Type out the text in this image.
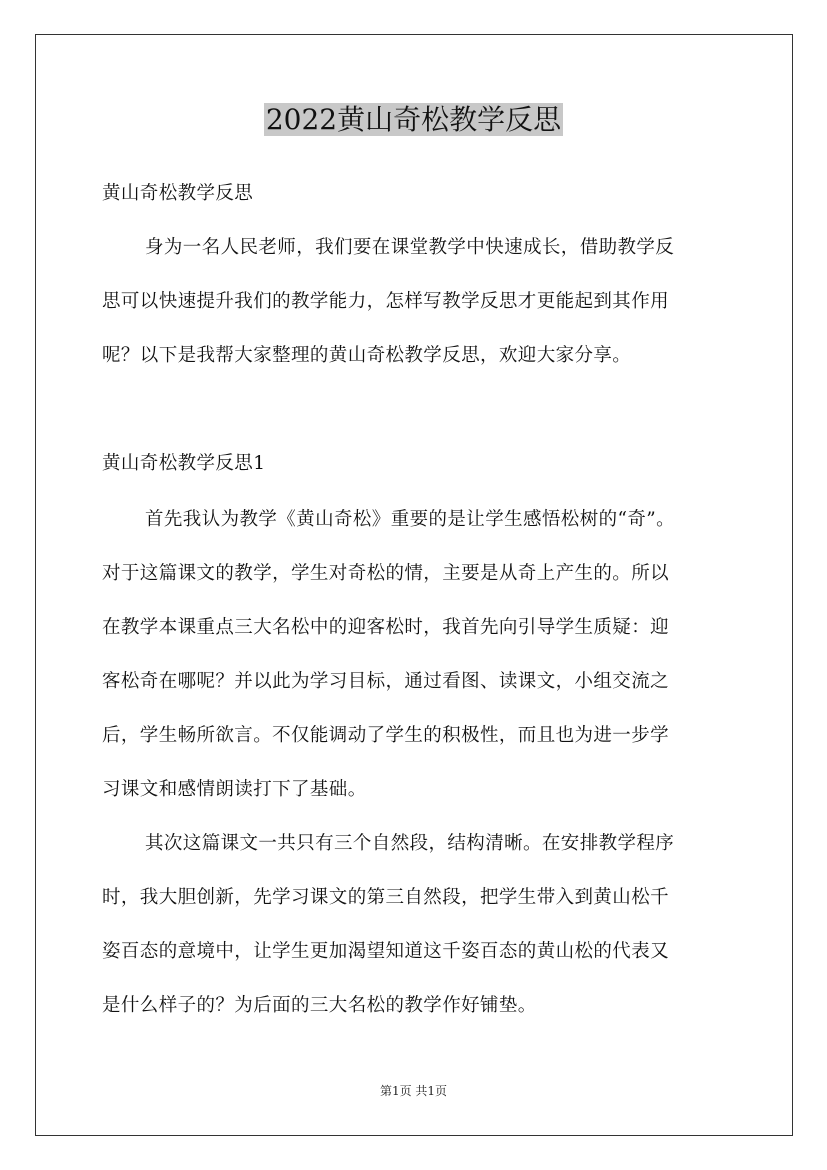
2022黄山奇松教学反思
黄山奇松教学反思
身为一名人民老师，我们要在课堂教学中快速成长，借助教学反
思可以快速提升我们的教学能力，怎样写教学反思才更能起到其作用
呢？以下是我帮大家整理的黄山奇松教学反思，欢迎大家分享。
黄山奇松教学反思1
首先我认为教学《黄山奇松》重要的是让学生感悟松树的“奇”。
对于这篇课文的教学，学生对奇松的情，主要是从奇上产生的。所以
在教学本课重点三大名松中的迎客松时，我首先向引导学生质疑：迎
客松奇在哪呢？并以此为学习目标，通过看图、读课文，小组交流之
后，学生畅所欲言。不仅能调动了学生的积极性，而且也为进一步学
习课文和感情朗读打下了基础。
其次这篇课文一共只有三个自然段，结构清晰。在安排教学程序
时，我大胆创新，先学习课文的第三自然段，把学生带入到黄山松千
姿百态的意境中，让学生更加渴望知道这千姿百态的黄山松的代表又
是什么样子的？为后面的三大名松的教学作好铺垫。
第1页 共1页
